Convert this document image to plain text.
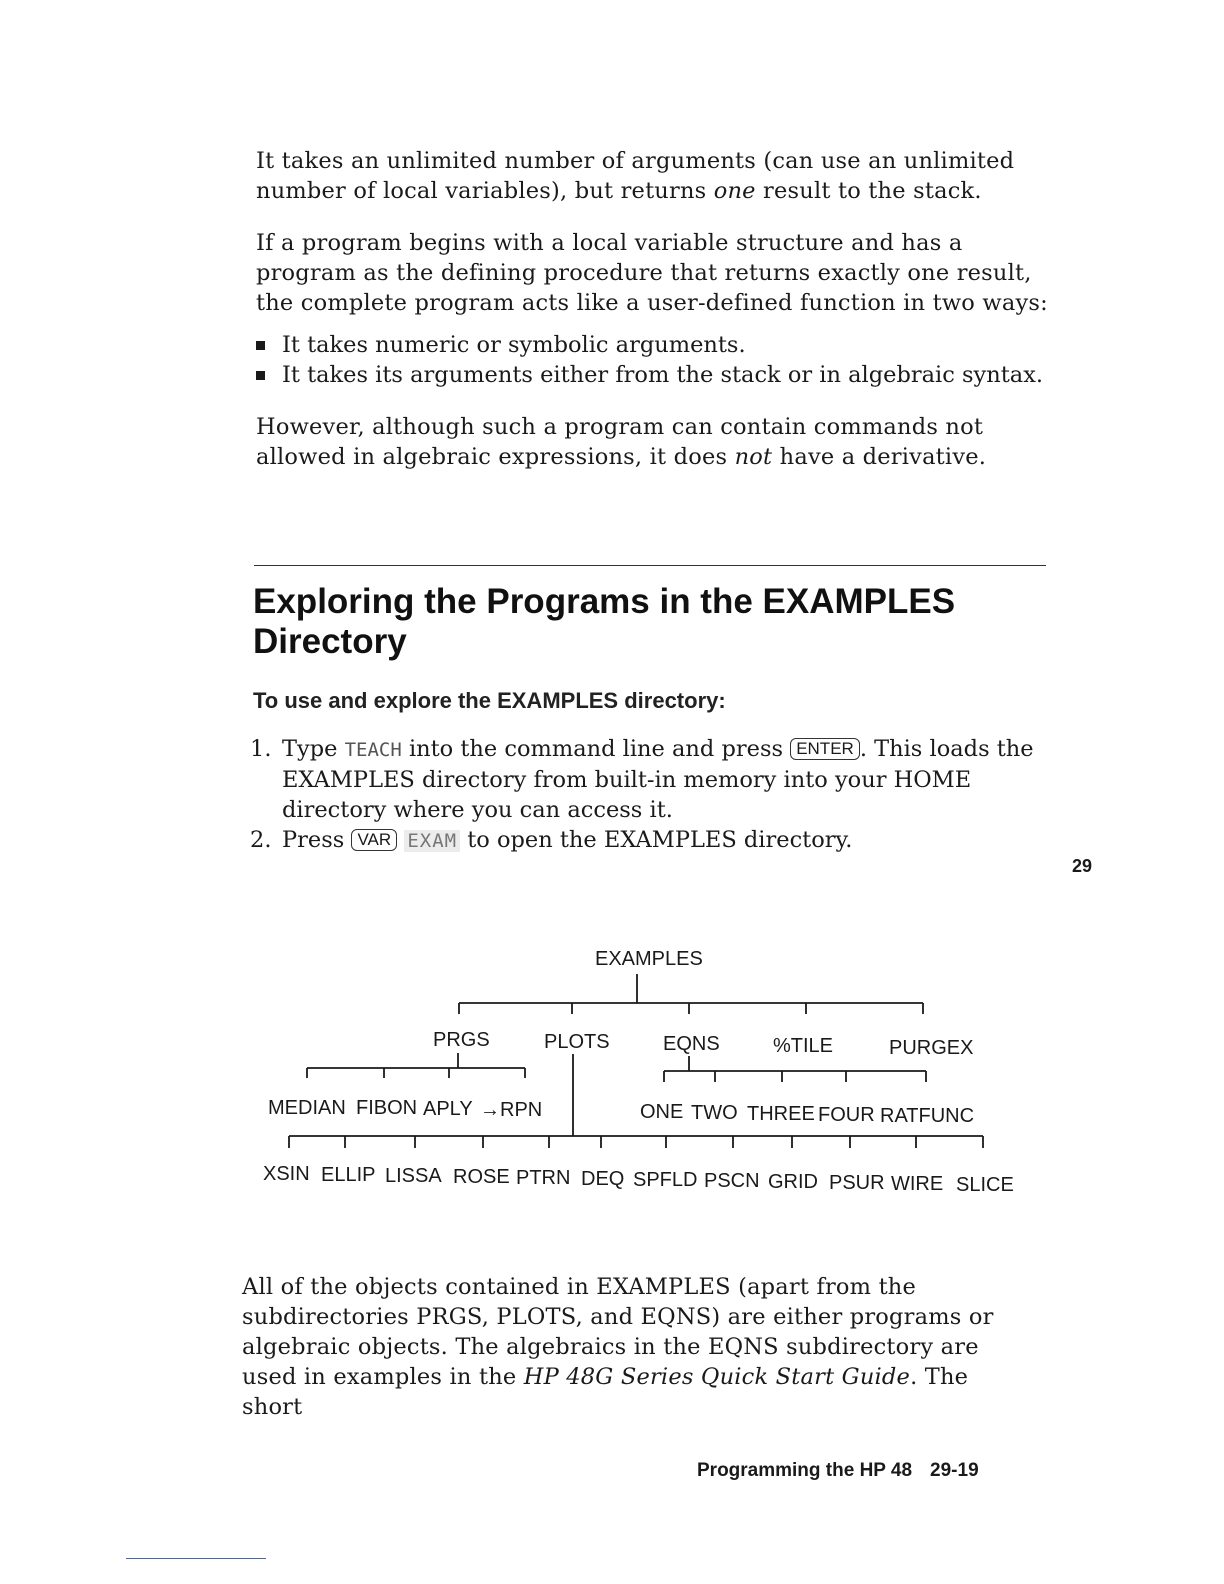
It takes an unlimited number of arguments (can use an unlimited number of local variables), but returns one result to the stack.

If a program begins with a local variable structure and has a program as the defining procedure that returns exactly one result, the complete program acts like a user-defined function in two ways:

It takes numeric or symbolic arguments.
It takes its arguments either from the stack or in algebraic syntax.

However, although such a program can contain commands not allowed in algebraic expressions, it does not have a derivative.

Exploring the Programs in the EXAMPLES Directory
To use and explore the EXAMPLES directory:
1. Type TEACH into the command line and press ENTER . This loads the EXAMPLES directory from built-in memory into your HOME directory where you can access it.
2. Press VAR EXAM to open the EXAMPLES directory.

29

EXAMPLES
PRGS	PLOTS	EQNS	%TILE	PURGEX
MEDIAN FIBON APLY →RPN	ONE TWO THREE FOUR RATFUNC
XSIN ELLIP LISSA ROSE PTRN DEQ SPFLD PSCN GRID PSUR WIRE SLICE

All of the objects contained in EXAMPLES (apart from the subdirectories PRGS, PLOTS, and EQNS) are either programs or algebraic objects. The algebraics in the EQNS subdirectory are used in examples in the HP 48G Series Quick Start Guide. The short

Programming the HP 48 29-19
